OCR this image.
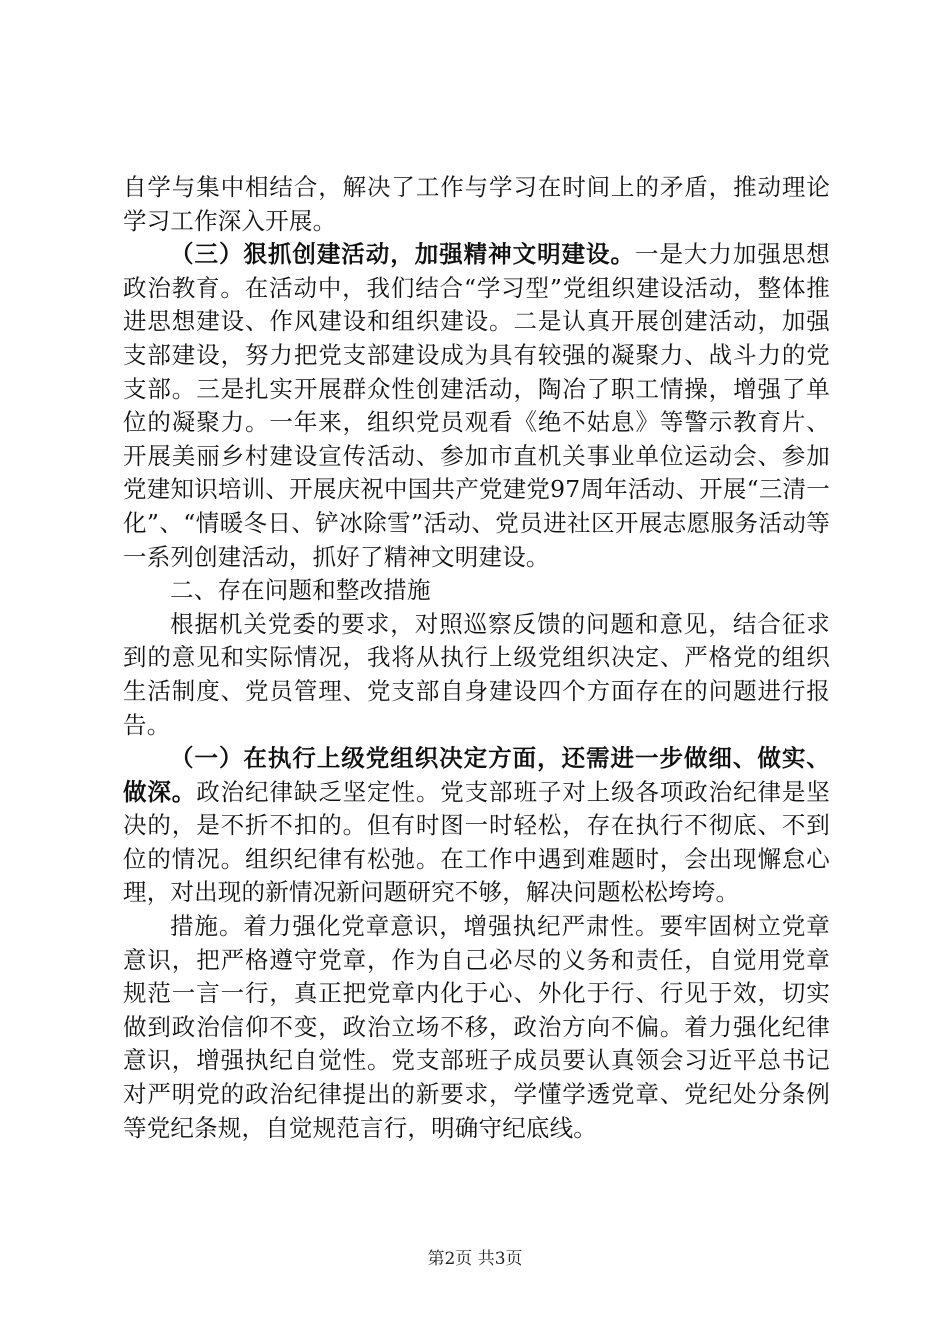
自学与集中相结合，解决了工作与学习在时间上的矛盾，推动理论学习工作深入开展。

（三）狠抓创建活动，加强精神文明建设。一是大力加强思想政治教育。在活动中，我们结合“学习型”党组织建设活动，整体推进思想建设、作风建设和组织建设。二是认真开展创建活动，加强支部建设，努力把党支部建设成为具有较强的凝聚力、战斗力的党支部。三是扎实开展群众性创建活动，陶冶了职工情操，增强了单位的凝聚力。一年来，组织党员观看《绝不姑息》等警示教育片、开展美丽乡村建设宣传活动、参加市直机关事业单位运动会、参加党建知识培训、开展庆祝中国共产党建党97周年活动、开展“三清一化”、“情暖冬日、铲冰除雪”活动、党员进社区开展志愿服务活动等一系列创建活动，抓好了精神文明建设。

二、存在问题和整改措施

根据机关党委的要求，对照巡察反馈的问题和意见，结合征求到的意见和实际情况，我将从执行上级党组织决定、严格党的组织生活制度、党员管理、党支部自身建设四个方面存在的问题进行报告。

（一）在执行上级党组织决定方面，还需进一步做细、做实、做深。政治纪律缺乏坚定性。党支部班子对上级各项政治纪律是坚决的，是不折不扣的。但有时图一时轻松，存在执行不彻底、不到位的情况。组织纪律有松弛。在工作中遇到难题时，会出现懈怠心理，对出现的新情况新问题研究不够，解决问题松松垮垮。

措施。着力强化党章意识，增强执纪严肃性。要牢固树立党章意识，把严格遵守党章，作为自己必尽的义务和责任，自觉用党章规范一言一行，真正把党章内化于心、外化于行、行见于效，切实做到政治信仰不变，政治立场不移，政治方向不偏。着力强化纪律意识，增强执纪自觉性。党支部班子成员要认真领会习近平总书记对严明党的政治纪律提出的新要求，学懂学透党章、党纪处分条例等党纪条规，自觉规范言行，明确守纪底线。

第2页 共3页
